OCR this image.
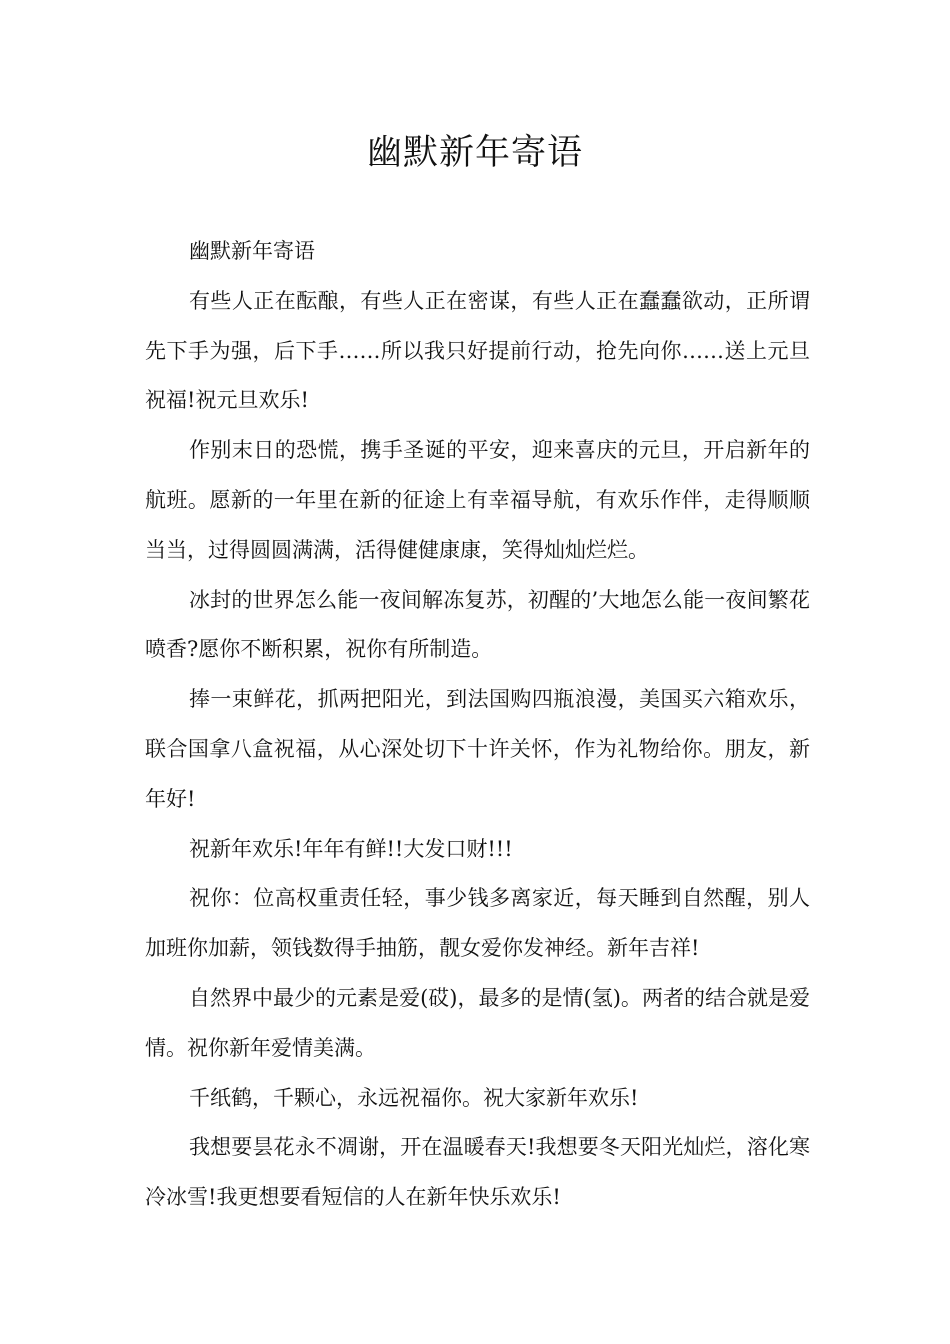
幽默新年寄语

幽默新年寄语

有些人正在酝酿，有些人正在密谋，有些人正在蠢蠢欲动，正所谓先下手为强，后下手……所以我只好提前行动，抢先向你……送上元旦祝福!祝元旦欢乐!

作别末日的恐慌，携手圣诞的平安，迎来喜庆的元旦，开启新年的航班。愿新的一年里在新的征途上有幸福导航，有欢乐作伴，走得顺顺当当，过得圆圆满满，活得健健康康，笑得灿灿烂烂。

冰封的世界怎么能一夜间解冻复苏，初醒的’大地怎么能一夜间繁花喷香?愿你不断积累，祝你有所制造。

捧一束鲜花，抓两把阳光，到法国购四瓶浪漫，美国买六箱欢乐，联合国拿八盒祝福，从心深处切下十许关怀，作为礼物给你。朋友，新年好!

祝新年欢乐!年年有鲜!!大发口财!!!

祝你：位高权重责任轻，事少钱多离家近，每天睡到自然醒，别人加班你加薪，领钱数得手抽筋，靓女爱你发神经。新年吉祥!

自然界中最少的元素是爱(砹)，最多的是情(氢)。两者的结合就是爱情。祝你新年爱情美满。

千纸鹤，千颗心，永远祝福你。祝大家新年欢乐!

我想要昙花永不凋谢，开在温暖春天!我想要冬天阳光灿烂，溶化寒冷冰雪!我更想要看短信的人在新年快乐欢乐!
